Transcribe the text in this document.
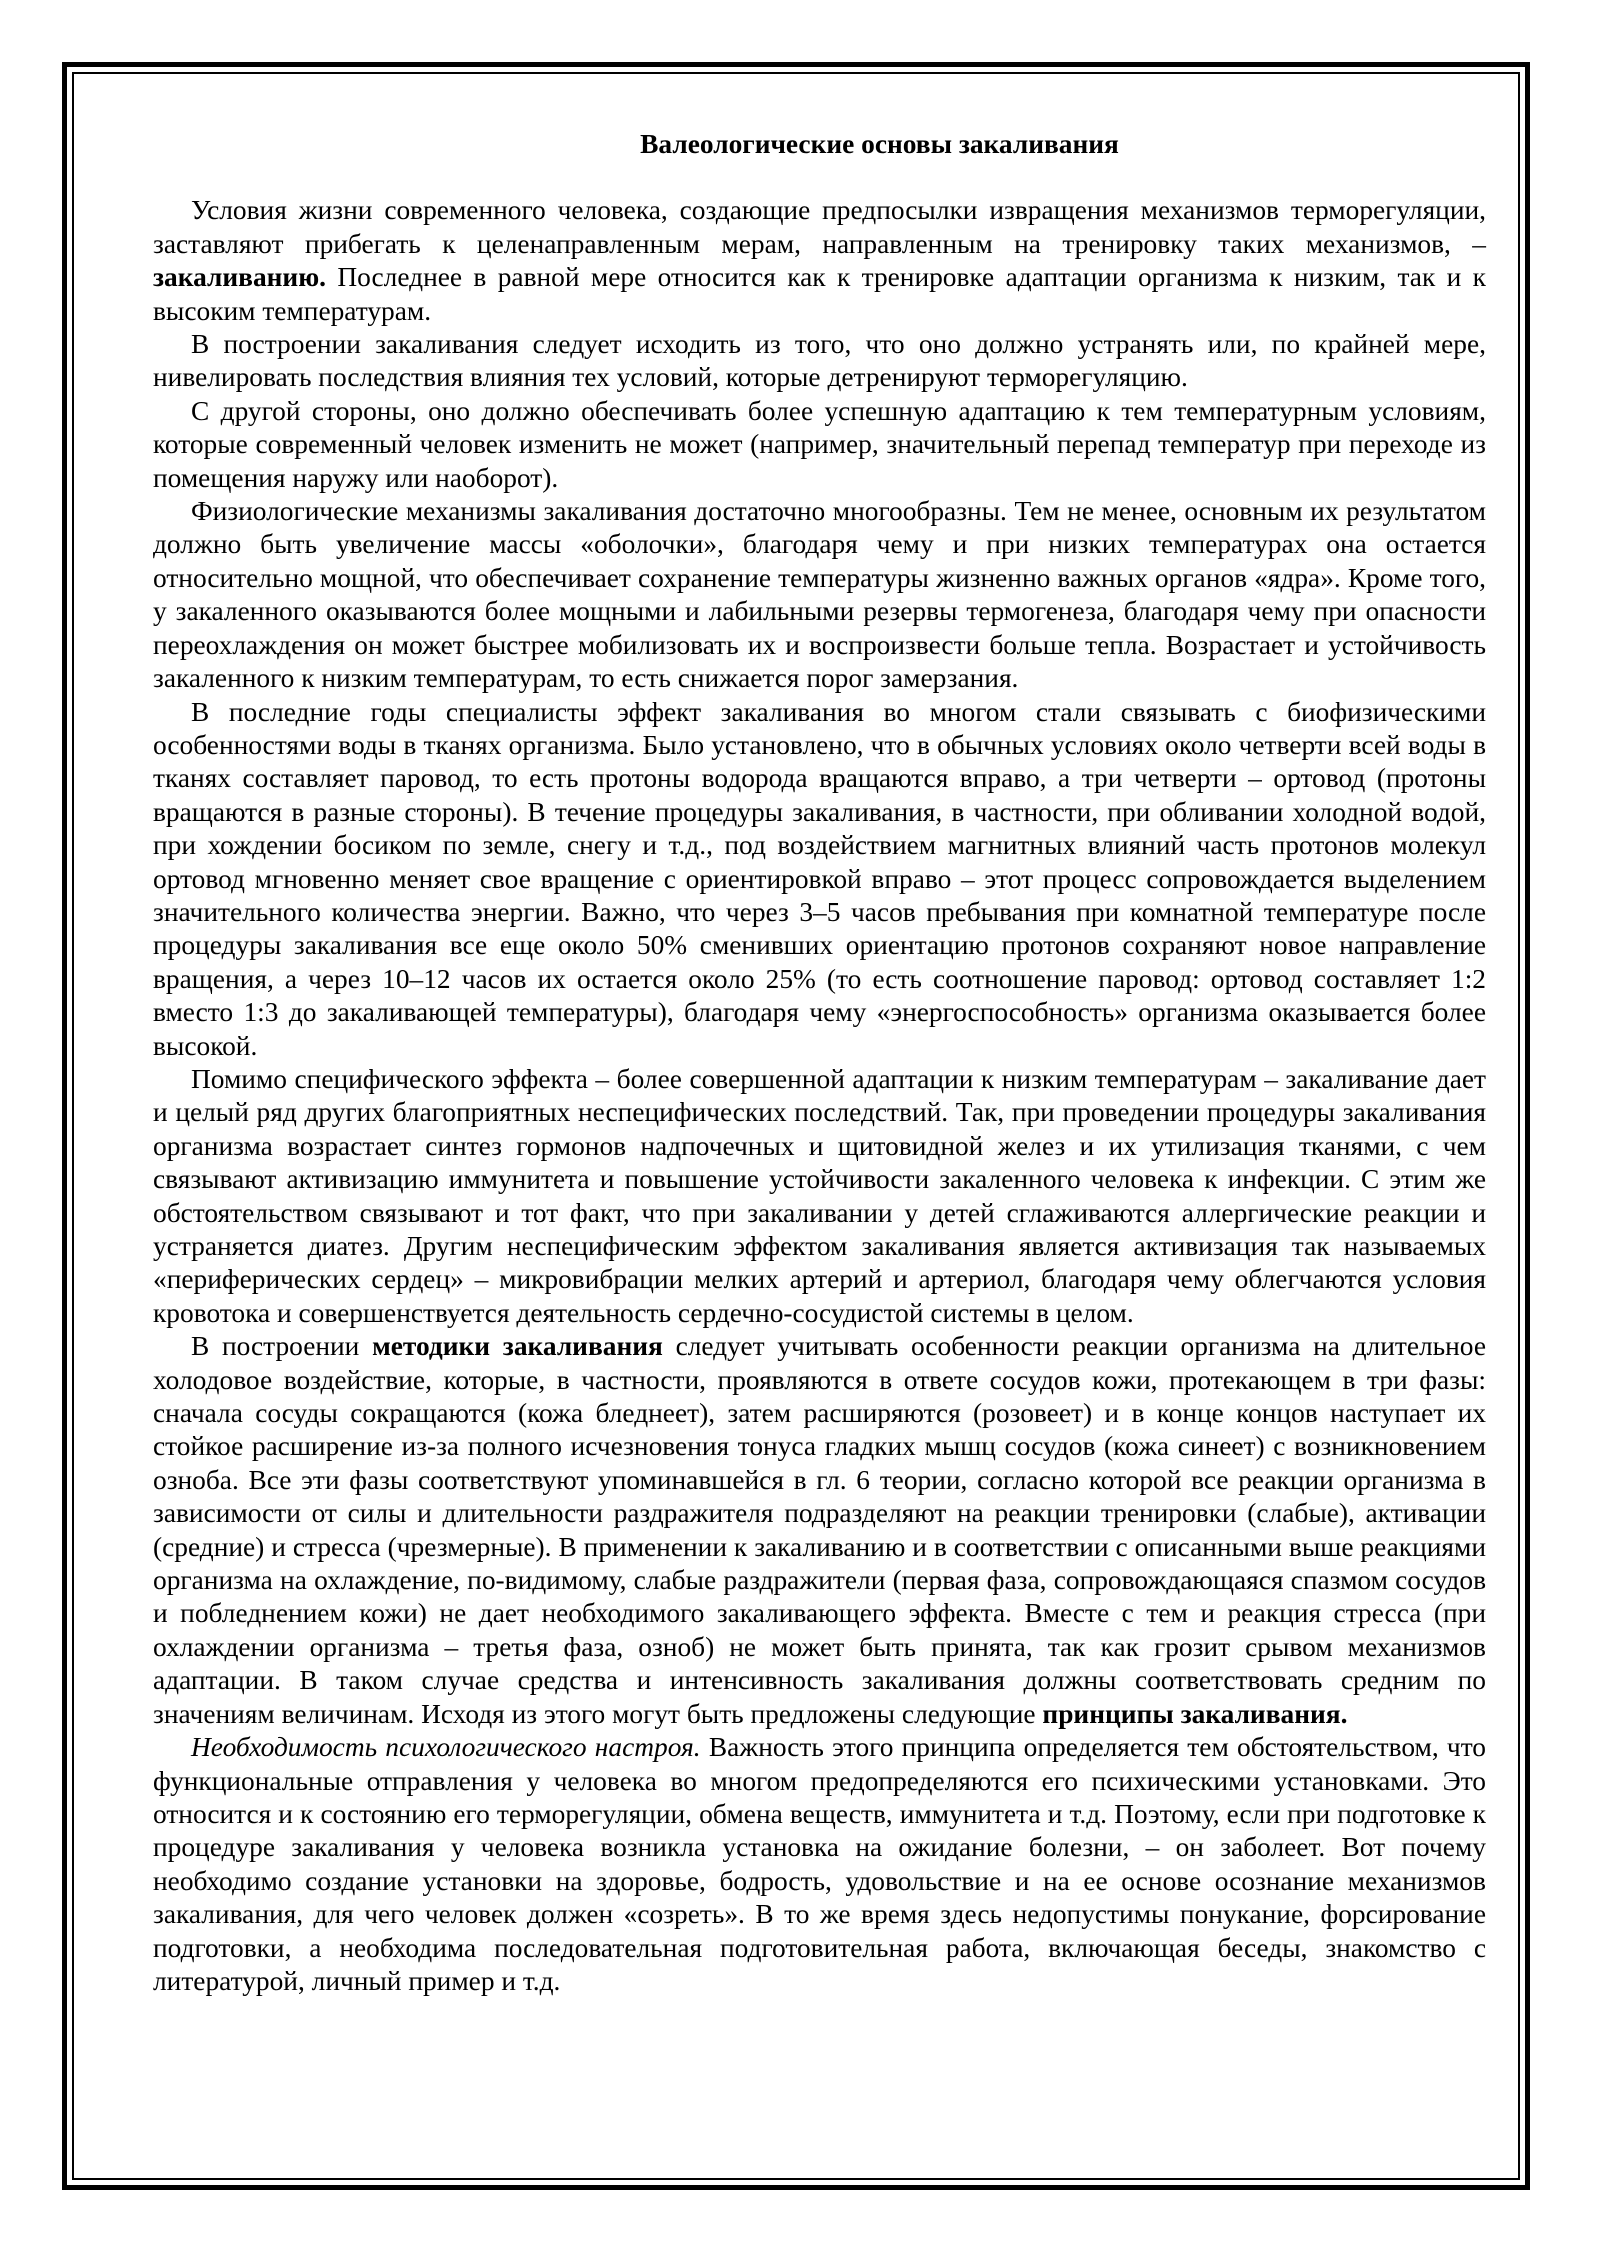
Валеологические основы закаливания

Условия жизни современного человека, создающие предпосылки извращения механизмов терморегуляции, заставляют прибегать к целенаправленным мерам, направленным на тренировку таких механизмов, – закаливанию. Последнее в равной мере относится как к тренировке адаптации организма к низким, так и к высоким температурам.

В построении закаливания следует исходить из того, что оно должно устранять или, по крайней мере, нивелировать последствия влияния тех условий, которые детренируют терморегуляцию.

С другой стороны, оно должно обеспечивать более успешную адаптацию к тем температурным условиям, которые современный человек изменить не может (например, значительный перепад температур при переходе из помещения наружу или наоборот).

Физиологические механизмы закаливания достаточно многообразны. Тем не менее, основным их результатом должно быть увеличение массы «оболочки», благодаря чему и при низких температурах она остается относительно мощной, что обеспечивает сохранение температуры жизненно важных органов «ядра». Кроме того, у закаленного оказываются более мощными и лабильными резервы термогенеза, благодаря чему при опасности переохлаждения он может быстрее мобилизовать их и воспроизвести больше тепла. Возрастает и устойчивость закаленного к низким температурам, то есть снижается порог замерзания.

В последние годы специалисты эффект закаливания во многом стали связывать с биофизическими особенностями воды в тканях организма. Было установлено, что в обычных условиях около четверти всей воды в тканях составляет паровод, то есть протоны водорода вращаются вправо, а три четверти – ортовод (протоны вращаются в разные стороны). В течение процедуры закаливания, в частности, при обливании холодной водой, при хождении босиком по земле, снегу и т.д., под воздействием магнитных влияний часть протонов молекул ортовод мгновенно меняет свое вращение с ориентировкой вправо – этот процесс сопровождается выделением значительного количества энергии. Важно, что через 3–5 часов пребывания при комнатной температуре после процедуры закаливания все еще около 50% сменивших ориентацию протонов сохраняют новое направление вращения, а через 10–12 часов их остается около 25% (то есть соотношение паровод: ортовод составляет 1:2 вместо 1:3 до закаливающей температуры), благодаря чему «энергоспособность» организма оказывается более высокой.

Помимо специфического эффекта – более совершенной адаптации к низким температурам – закаливание дает и целый ряд других благоприятных неспецифических последствий. Так, при проведении процедуры закаливания организма возрастает синтез гормонов надпочечных и щитовидной желез и их утилизация тканями, с чем связывают активизацию иммунитета и повышение устойчивости закаленного человека к инфекции. С этим же обстоятельством связывают и тот факт, что при закаливании у детей сглаживаются аллергические реакции и устраняется диатез. Другим неспецифическим эффектом закаливания является активизация так называемых «периферических сердец» – микровибрации мелких артерий и артериол, благодаря чему облегчаются условия кровотока и совершенствуется деятельность сердечно-сосудистой системы в целом.

В построении методики закаливания следует учитывать особенности реакции организма на длительное холодовое воздействие, которые, в частности, проявляются в ответе сосудов кожи, протекающем в три фазы: сначала сосуды сокращаются (кожа бледнеет), затем расширяются (розовеет) и в конце концов наступает их стойкое расширение из-за полного исчезновения тонуса гладких мышц сосудов (кожа синеет) с возникновением озноба. Все эти фазы соответствуют упоминавшейся в гл. 6 теории, согласно которой все реакции организма в зависимости от силы и длительности раздражителя подразделяют на реакции тренировки (слабые), активации (средние) и стресса (чрезмерные). В применении к закаливанию и в соответствии с описанными выше реакциями организма на охлаждение, по-видимому, слабые раздражители (первая фаза, сопровождающаяся спазмом сосудов и побледнением кожи) не дает необходимого закаливающего эффекта. Вместе с тем и реакция стресса (при охлаждении организма – третья фаза, озноб) не может быть принята, так как грозит срывом механизмов адаптации. В таком случае средства и интенсивность закаливания должны соответствовать средним по значениям величинам. Исходя из этого могут быть предложены следующие принципы закаливания.

Необходимость психологического настроя. Важность этого принципа определяется тем обстоятельством, что функциональные отправления у человека во многом предопределяются его психическими установками. Это относится и к состоянию его терморегуляции, обмена веществ, иммунитета и т.д. Поэтому, если при подготовке к процедуре закаливания у человека возникла установка на ожидание болезни, – он заболеет. Вот почему необходимо создание установки на здоровье, бодрость, удовольствие и на ее основе осознание механизмов закаливания, для чего человек должен «созреть». В то же время здесь недопустимы понукание, форсирование подготовки, а необходима последовательная подготовительная работа, включающая беседы, знакомство с литературой, личный пример и т.д.
